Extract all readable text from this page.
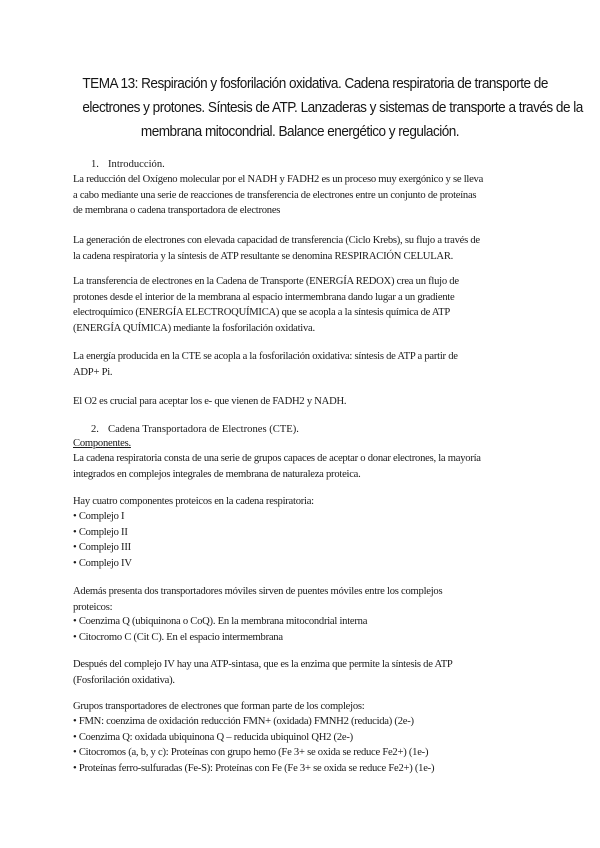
TEMA 13: Respiración y fosforilación oxidativa. Cadena respiratoria de transporte de
electrones y protones. Síntesis de ATP. Lanzaderas y sistemas de transporte a través de la
membrana mitocondrial. Balance energético y regulación.
1. Introducción.
La reducción del Oxígeno molecular por el NADH y FADH2 es un proceso muy exergónico y se lleva
a cabo mediante una serie de reacciones de transferencia de electrones entre un conjunto de proteínas
de membrana o cadena transportadora de electrones
La generación de electrones con elevada capacidad de transferencia (Ciclo Krebs), su flujo a través de
la cadena respiratoria y la síntesis de ATP resultante se denomina RESPIRACIÓN CELULAR.
La transferencia de electrones en la Cadena de Transporte (ENERGÍA REDOX) crea un flujo de
protones desde el interior de la membrana al espacio intermembrana dando lugar a un gradiente
electroquímico (ENERGÍA ELECTROQUÍMICA) que se acopla a la síntesis química de ATP
(ENERGÍA QUÍMICA) mediante la fosforilación oxidativa.
La energía producida en la CTE se acopla a la fosforilación oxidativa: síntesis de ATP a partir de
ADP+ Pi.
El O2 es crucial para aceptar los e- que vienen de FADH2 y NADH.
2. Cadena Transportadora de Electrones (CTE).
Componentes.
La cadena respiratoria consta de una serie de grupos capaces de aceptar o donar electrones, la mayoría
integrados en complejos integrales de membrana de naturaleza proteica.
Hay cuatro componentes proteicos en la cadena respiratoria:
• Complejo I
• Complejo II
• Complejo III
• Complejo IV
Además presenta dos transportadores móviles sirven de puentes móviles entre los complejos
proteicos:
• Coenzima Q (ubiquinona o CoQ). En la membrana mitocondrial interna
• Citocromo C (Cit C). En el espacio intermembrana
Después del complejo IV hay una ATP-sintasa, que es la enzima que permite la síntesis de ATP
(Fosforilación oxidativa).
Grupos transportadores de electrones que forman parte de los complejos:
• FMN: coenzima de oxidación reducción FMN+ (oxidada) FMNH2 (reducida) (2e-)
• Coenzima Q: oxidada ubiquinona Q – reducida ubiquinol QH2 (2e-)
• Citocromos (a, b, y c): Proteínas con grupo hemo (Fe 3+ se oxida se reduce Fe2+) (1e-)
• Proteínas ferro-sulfuradas (Fe-S): Proteínas con Fe (Fe 3+ se oxida se reduce Fe2+) (1e-)
